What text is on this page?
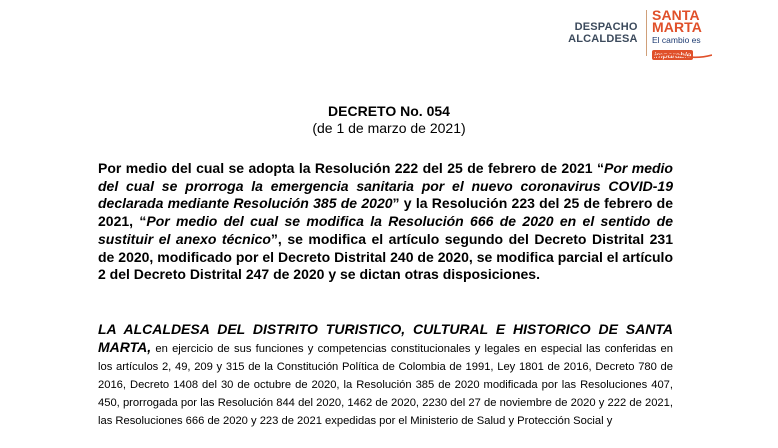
DESPACHO
ALCALDESA
SANTA
MARTA
El cambio es
imparable
DECRETO No. 054
(de 1 de marzo de 2021)
Por medio del cual se adopta la Resolución 222 del 25 de febrero de 2021 “Por medio del cual se prorroga la emergencia sanitaria por el nuevo coronavirus COVID-19 declarada mediante Resolución 385 de 2020” y la Resolución 223 del 25 de febrero de 2021, “Por medio del cual se modifica la Resolución 666 de 2020 en el sentido de sustituir el anexo técnico”, se modifica el artículo segundo del Decreto Distrital 231 de 2020, modificado por el Decreto Distrital 240 de 2020, se modifica parcial el artículo 2 del Decreto Distrital 247 de 2020 y se dictan otras disposiciones.
LA ALCALDESA DEL DISTRITO TURISTICO, CULTURAL E HISTORICO DE SANTA MARTA, en ejercicio de sus funciones y competencias constitucionales y legales en especial las conferidas en los artículos 2, 49, 209 y 315 de la Constitución Política de Colombia de 1991, Ley 1801 de 2016, Decreto 780 de 2016, Decreto 1408 del 30 de octubre de 2020, la Resolución 385 de 2020 modificada por las Resoluciones 407, 450, prorrogada por las Resolución 844 del 2020, 1462 de 2020, 2230 del 27 de noviembre de 2020 y 222 de 2021, las Resoluciones 666 de 2020 y 223 de 2021 expedidas por el Ministerio de Salud y Protección Social y
